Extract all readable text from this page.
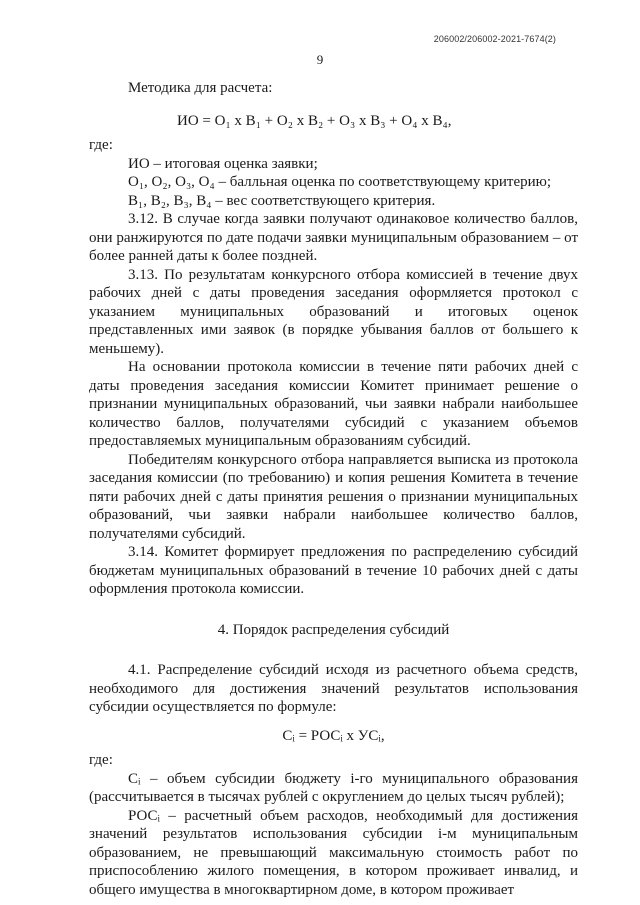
206002/206002-2021-7674(2)
9

Методика для расчета:

ИО = О₁ х В₁ + О₂ х В₂ + О₃ х В₃ + О₄ х В₄,

где:

ИО – итоговая оценка заявки;

О₁, О₂, О₃, О₄ – балльная оценка по соответствующему критерию;

В₁, В₂, В₃, В₄ – вес соответствующего критерия.

3.12. В случае когда заявки получают одинаковое количество баллов, они ранжируются по дате подачи заявки муниципальным образованием – от более ранней даты к более поздней.

3.13. По результатам конкурсного отбора комиссией в течение двух рабочих дней с даты проведения заседания оформляется протокол с указанием муниципальных образований и итоговых оценок представленных ими заявок (в порядке убывания баллов от большего к меньшему).

На основании протокола комиссии в течение пяти рабочих дней с даты проведения заседания комиссии Комитет принимает решение о признании муниципальных образований, чьи заявки набрали наибольшее количество баллов, получателями субсидий с указанием объемов предоставляемых муниципальным образованиям субсидий.

Победителям конкурсного отбора направляется выписка из протокола заседания комиссии (по требованию) и копия решения Комитета в течение пяти рабочих дней с даты принятия решения о признании муниципальных образований, чьи заявки набрали наибольшее количество баллов, получателями субсидий.

3.14. Комитет формирует предложения по распределению субсидий бюджетам муниципальных образований в течение 10 рабочих дней с даты оформления протокола комиссии.

4. Порядок распределения субсидий

4.1. Распределение субсидий исходя из расчетного объема средств, необходимого для достижения значений результатов использования субсидии осуществляется по формуле:

Cᵢ = РОСᵢ х УСᵢ,

где:

Cᵢ – объем субсидии бюджету i-го муниципального образования (рассчитывается в тысячах рублей с округлением до целых тысяч рублей);

РОСᵢ – расчетный объем расходов, необходимый для достижения значений результатов использования субсидии i-м муниципальным образованием, не превышающий максимальную стоимость работ по приспособлению жилого помещения, в котором проживает инвалид, и общего имущества в многоквартирном доме, в котором проживает
